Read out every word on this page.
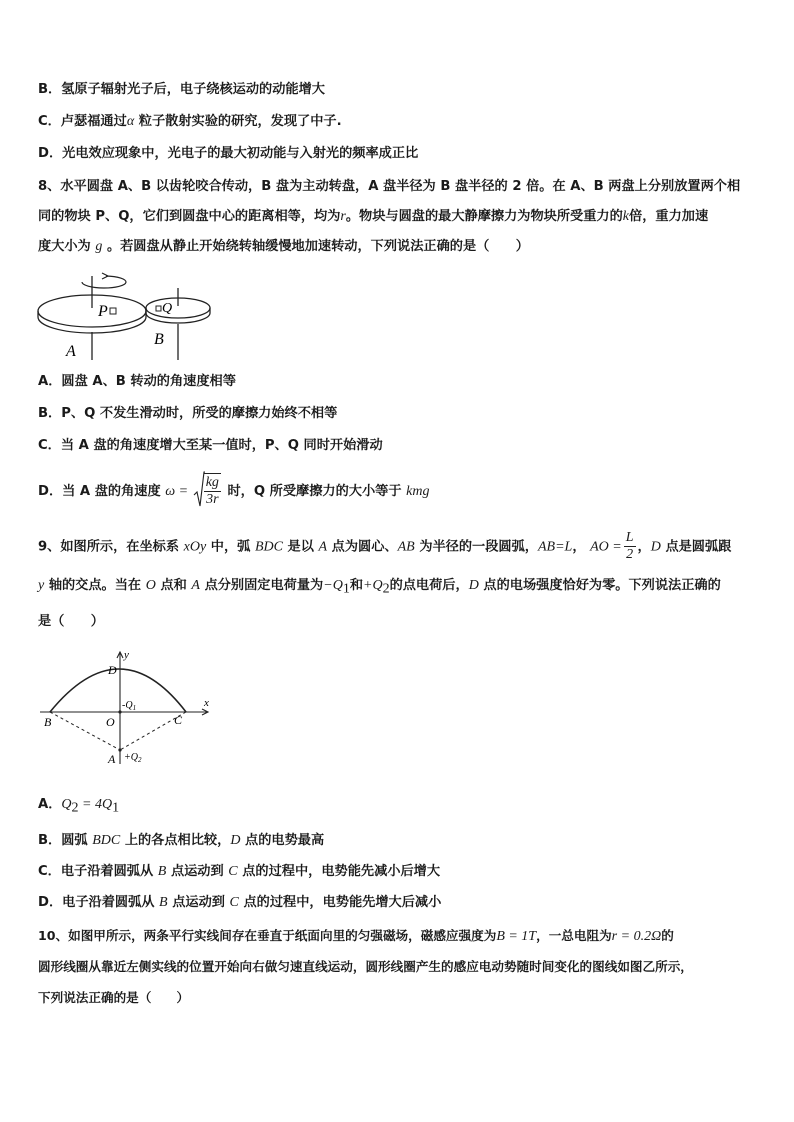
B．氢原子辐射光子后，电子绕核运动的动能增大
C．卢瑟福通过α 粒子散射实验的研究，发现了中子.
D．光电效应现象中，光电子的最大初动能与入射光的频率成正比
8、水平圆盘 A、B 以齿轮咬合传动，B 盘为主动转盘，A 盘半径为 B 盘半径的 2 倍。在 A、B 两盘上分别放置两个相
同的物块 P、Q，它们到圆盘中心的距离相等，均为r。物块与圆盘的最大静摩擦力为物块所受重力的k倍，重力加速
度大小为 g 。若圆盘从静止开始绕转轴缓慢地加速转动，下列说法正确的是（　　）
P	Q
A
B
A．圆盘 A、B 转动的角速度相等
B．P、Q 不发生滑动时，所受的摩擦力始终不相等
C．当 A 盘的角速度增大至某一值时，P、Q 同时开始滑动
D．当 A 盘的角速度 $\omega = \frac{kg}{3r}$ 时，Q 所受摩擦力的大小等于 kmg
9、如图所示，在坐标系 xOy 中，弧 BDC 是以 A 点为圆心、AB 为半径的一段圆弧，AB=L， AO = $\frac{L}{2}$ ，D 点是圆弧跟
y 轴的交点。当在 O 点和 A 点分别固定电荷量为$-Q_1$和$+Q_2$的点电荷后，D 点的电场强度恰好为零。下列说法正确的
是（　　）
y
x
D
O
B	C
A
$-Q_1$
$+Q_2$
A．$Q_2 = 4Q_1$
B．圆弧 BDC 上的各点相比较，D 点的电势最高
C．电子沿着圆弧从 B 点运动到 C 点的过程中，电势能先减小后增大
D．电子沿着圆弧从 B 点运动到 C 点的过程中，电势能先增大后减小
10、如图甲所示，两条平行实线间存在垂直于纸面向里的匀强磁场，磁感应强度为B = 1T，一总电阻为r = 0.2Ω的
圆形线圈从靠近左侧实线的位置开始向右做匀速直线运动，圆形线圈产生的感应电动势随时间变化的图线如图乙所示，
下列说法正确的是（　　）
